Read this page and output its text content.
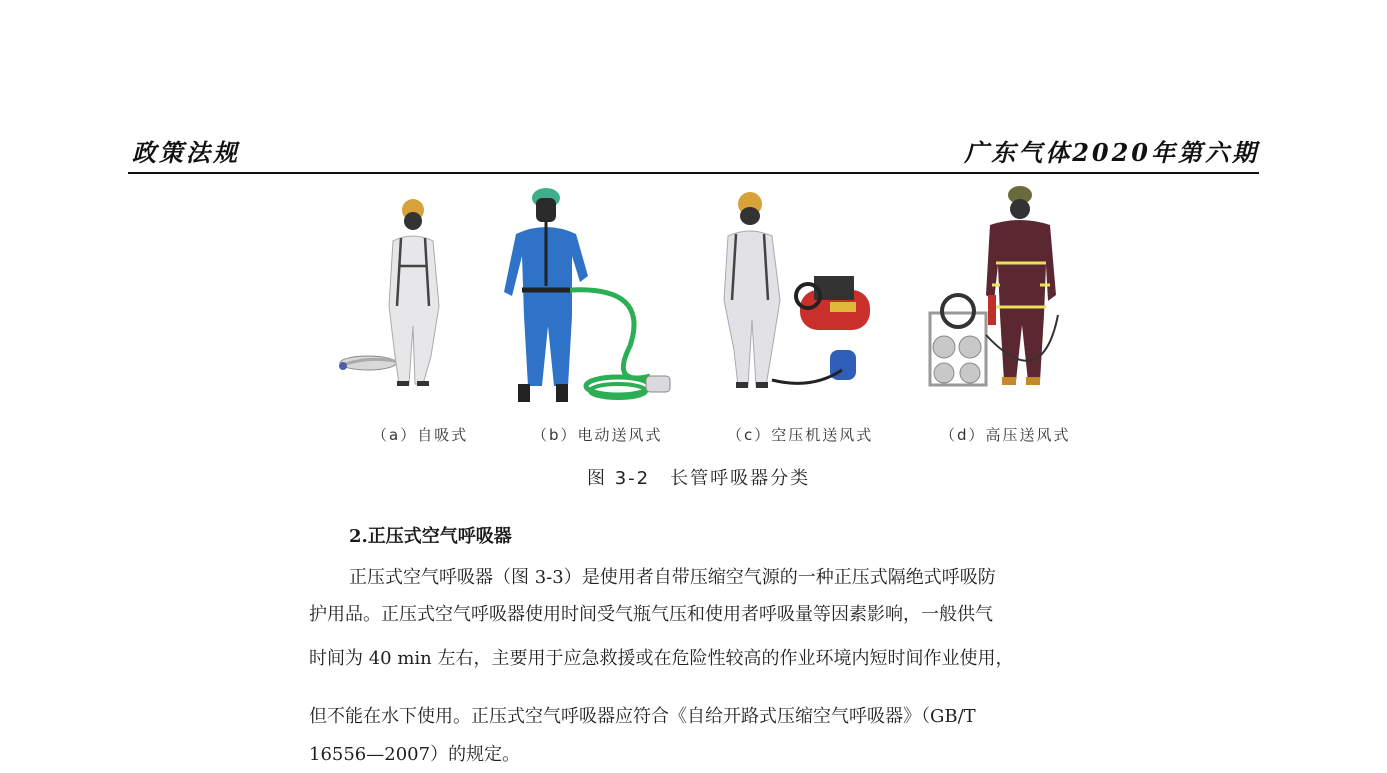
政策法规	广东气体2020年第六期
（a）自吸式	（b）电动送风式	（c）空压机送风式	（d）高压送风式
图 3-2　长管呼吸器分类
2.正压式空气呼吸器
正压式空气呼吸器（图 3-3）是使用者自带压缩空气源的一种正压式隔绝式呼吸防
护用品。正压式空气呼吸器使用时间受气瓶气压和使用者呼吸量等因素影响，一般供气
时间为 40 min 左右，主要用于应急救援或在危险性较高的作业环境内短时间作业使用，
但不能在水下使用。正压式空气呼吸器应符合《自给开路式压缩空气呼吸器》（GB/T
16556—2007）的规定。
